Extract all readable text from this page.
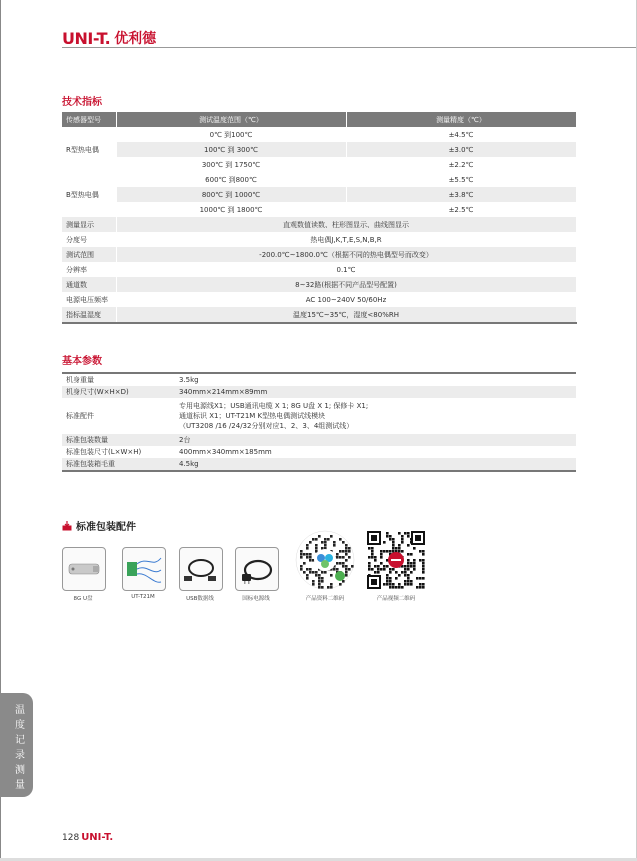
UNI-T. 优利德
技术指标
传感器型号	测试温度范围（℃）	测量精度（℃）
R型热电偶	0℃ 到100℃	±4.5℃
	100℃ 到 300℃	±3.0℃
	300℃ 到 1750℃	±2.2℃
B型热电偶	600℃ 到800℃	±5.5℃
	800℃ 到 1000℃	±3.8℃
	1000℃ 到 1800℃	±2.5℃
测量显示	直观数值读数、柱形图显示、曲线图显示	
分度号	热电偶J,K,T,E,S,N,B,R	
测试范围	-200.0℃~1800.0℃（根据不同的热电偶型号而改变）	
分辨率	0.1℃	
通道数	8~32路(根据不同产品型号配置)	
电源电压频率	AC 100~240V 50/60Hz	
指标温湿度	温度15℃~35℃，湿度<80%RH	
基本参数
机身重量	3.5kg
机身尺寸(W×H×D)	340mm×214mm×89mm
标准配件	专用电源线X1；USB通讯电缆 X 1; 8G U盘 X 1; 保修卡 X1;
通道标识 X1；UT-T21M K型热电偶测试线模块
（UT3208 /16 /24/32分别对应1、2、3、4组测试线）

标准包装数量	2台
标准包装尺寸(L×W×H)	400mm×340mm×185mm
标准包装箱毛重	4.5kg
标准包装配件
8G U盘	UT-T21M	USB数据线	国标电源线	产品资料二维码	产品视频二维码
温
度
记
录
测
量
128 UNI-T.
